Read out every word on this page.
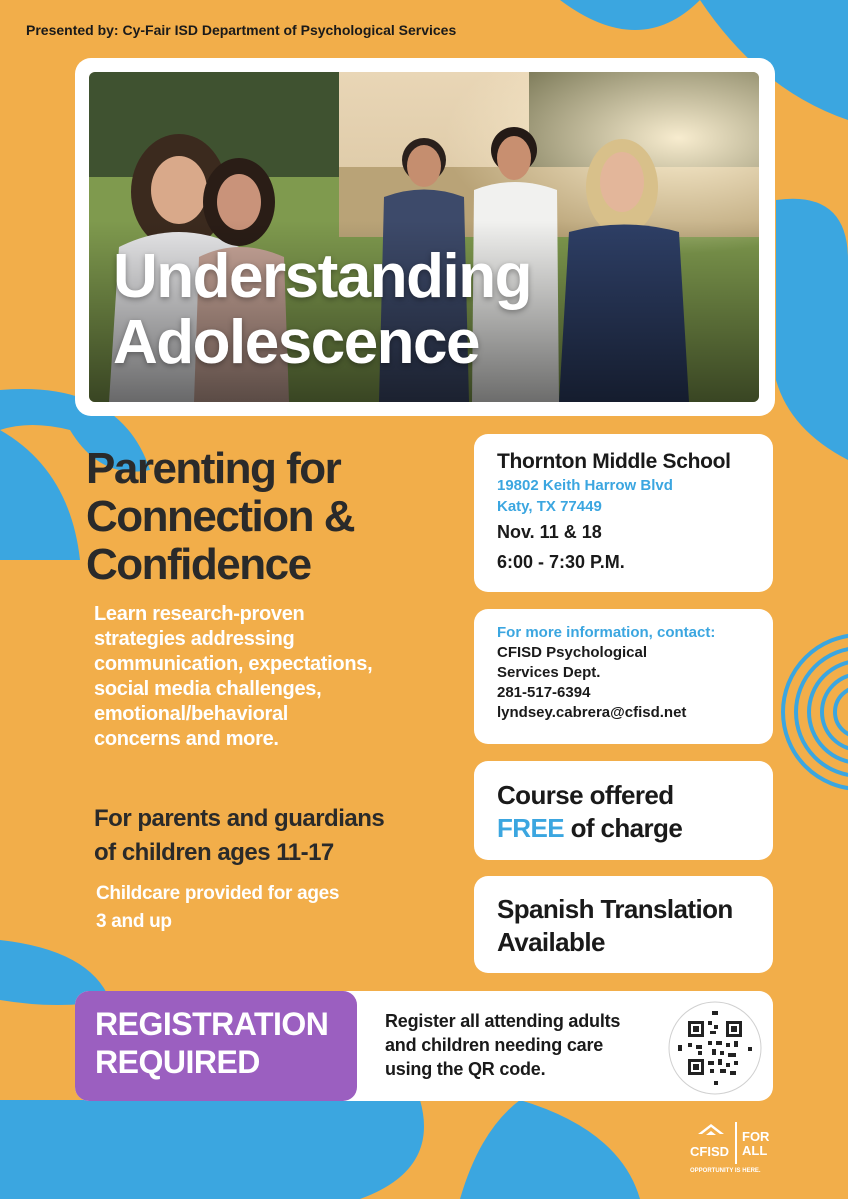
Presented by: Cy-Fair ISD Department of Psychological Services
Understanding
Adolescence
Parenting for
Connection &
Confidence
Learn research-proven
strategies addressing
communication, expectations,
social media challenges,
emotional/behavioral
concerns and more.
For parents and guardians
of children ages 11-17
Childcare provided for ages
3 and up
Thornton Middle School
19802 Keith Harrow Blvd
Katy, TX 77449
Nov. 11 & 18
6:00 - 7:30 P.M.
For more information, contact:
CFISD Psychological
Services Dept.
281-517-6394
lyndsey.cabrera@cfisd.net
Course offered
FREE of charge
Spanish Translation
Available
REGISTRATION
REQUIRED
Register all attending adults
and children needing care
using the QR code.
CFISD
FOR
ALL
OPPORTUNITY IS HERE.
